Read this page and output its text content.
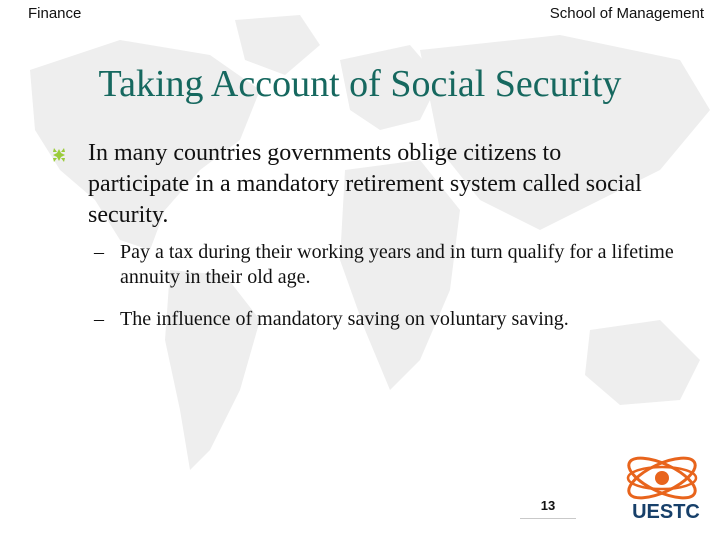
Finance	School of Management
Taking Account of Social Security
In many countries governments oblige citizens to participate in a mandatory retirement system called social security.
– Pay a tax during their working years and in turn qualify for a lifetime annuity in their old age.
– The influence of mandatory saving on voluntary saving.
UESTC
13
